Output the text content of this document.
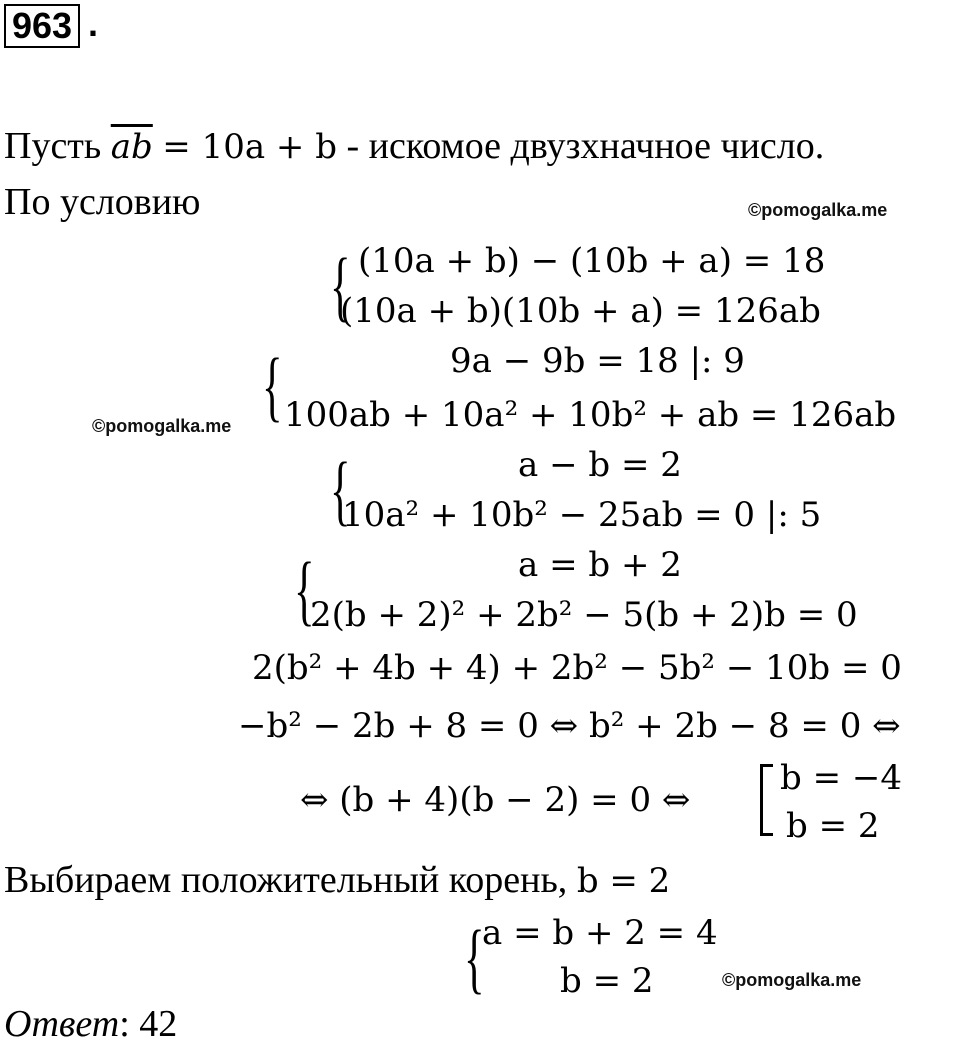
963 .
Пусть $\overline{ab} = 10a + b$ - искомое двузхначное число.
По условию	©pomogalka.me
{ (10a + b) − (10b + a) = 18
(10a + b)(10b + a) = 126ab
{	9a − 9b = 18 |: 9
100ab + 10a² + 10b² + ab = 126ab
©pomogalka.me
{	a − b = 2
10a² + 10b² − 25ab = 0 |: 5
{	a = b + 2
2(b + 2)² + 2b² − 5(b + 2)b = 0
2(b² + 4b + 4) + 2b² − 5b² − 10b = 0
−b² − 2b + 8 = 0 ⇔ b² + 2b − 8 = 0 ⇔
⇔ (b + 4)(b − 2) = 0 ⇔
b = −4
b = 2
Выбираем положительный корень, b = 2
{
a = b + 2 = 4
b = 2	©pomogalka.me
Ответ: 42
